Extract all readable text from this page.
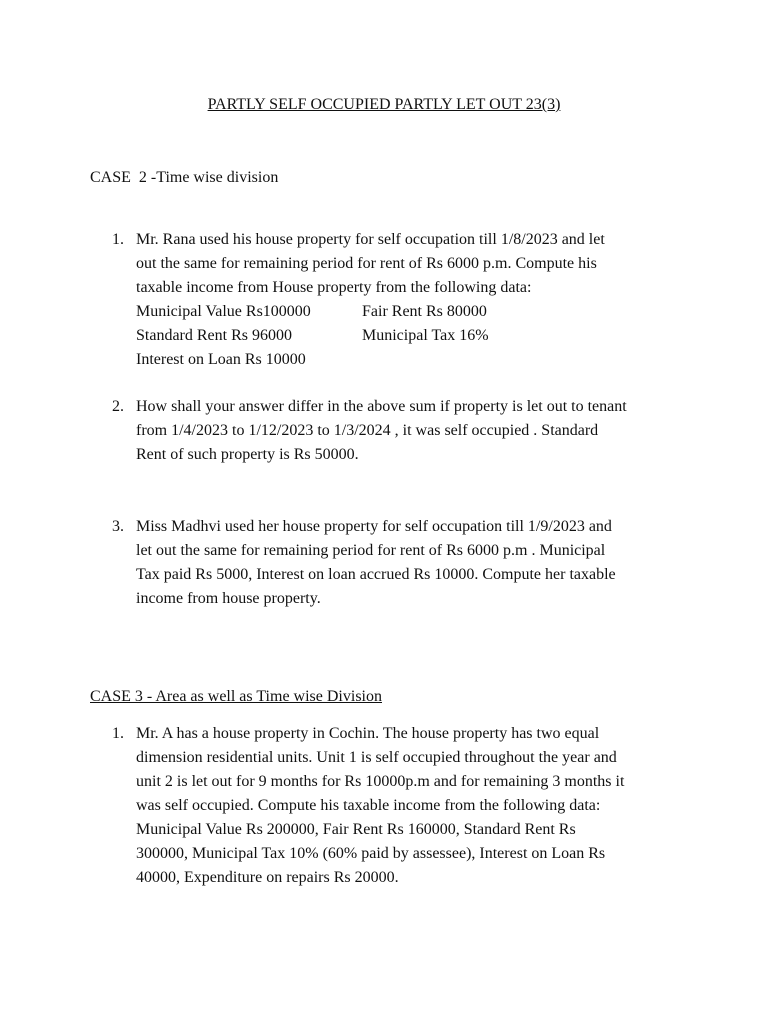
PARTLY SELF OCCUPIED PARTLY LET OUT 23(3)
CASE  2 -Time wise division
1. Mr. Rana used his house property for self occupation till 1/8/2023 and let
out the same for remaining period for rent of Rs 6000 p.m. Compute his
taxable income from House property from the following data:
Municipal Value Rs100000	Fair Rent Rs 80000
Standard Rent Rs 96000	Municipal Tax 16%
Interest on Loan Rs 10000
2. How shall your answer differ in the above sum if property is let out to tenant
from 1/4/2023 to 1/12/2023 to 1/3/2024 , it was self occupied . Standard
Rent of such property is Rs 50000.
3. Miss Madhvi used her house property for self occupation till 1/9/2023 and
let out the same for remaining period for rent of Rs 6000 p.m . Municipal
Tax paid Rs 5000, Interest on loan accrued Rs 10000. Compute her taxable
income from house property.
CASE 3 - Area as well as Time wise Division
1. Mr. A has a house property in Cochin. The house property has two equal
dimension residential units. Unit 1 is self occupied throughout the year and
unit 2 is let out for 9 months for Rs 10000p.m and for remaining 3 months it
was self occupied. Compute his taxable income from the following data:
Municipal Value Rs 200000, Fair Rent Rs 160000, Standard Rent Rs
300000, Municipal Tax 10% (60% paid by assessee), Interest on Loan Rs
40000, Expenditure on repairs Rs 20000.
